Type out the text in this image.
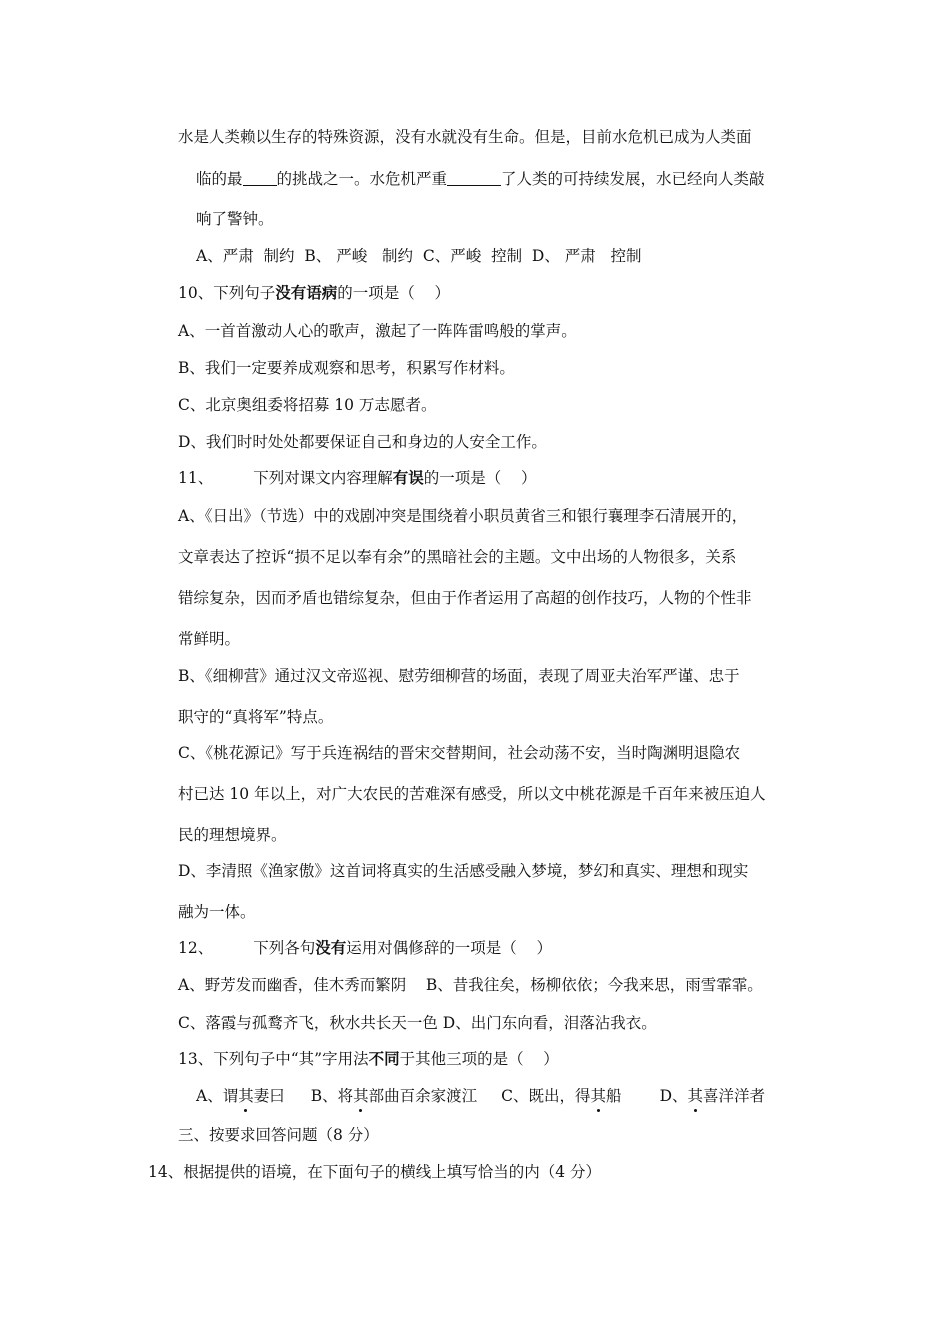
水是人类赖以生存的特殊资源，没有水就没有生命。但是，目前水危机已成为人类面
临的最 的挑战之一。水危机严重	了人类的可持续发展，水已经向人类敲
响了警钟。
A、严肃  制约  B、 严峻   制约  C、严峻  控制  D、 严肃   控制
10、下列句子没有语病的一项是（    ）
A、一首首激动人心的歌声，激起了一阵阵雷鸣般的掌声。
B、我们一定要养成观察和思考，积累写作材料。
C、北京奥组委将招募 10 万志愿者。
D、我们时时处处都要保证自己和身边的人安全工作。
11、	下列对课文内容理解有误的一项是（    ）
A、《日出》（节选）中的戏剧冲突是围绕着小职员黄省三和银行襄理李石清展开的，
文章表达了控诉“损不足以奉有余”的黑暗社会的主题。文中出场的人物很多，关系
错综复杂，因而矛盾也错综复杂，但由于作者运用了高超的创作技巧，人物的个性非
常鲜明。
B、《细柳营》通过汉文帝巡视、慰劳细柳营的场面，表现了周亚夫治军严谨、忠于
职守的“真将军”特点。
C、《桃花源记》写于兵连祸结的晋宋交替期间，社会动荡不安，当时陶渊明退隐农
村已达 10 年以上，对广大农民的苦难深有感受，所以文中桃花源是千百年来被压迫人
民的理想境界。
D、李清照《渔家傲》这首词将真实的生活感受融入梦境，梦幻和真实、理想和现实
融为一体。
12、	下列各句没有运用对偶修辞的一项是（    ）
A、野芳发而幽香，佳木秀而繁阴    B、昔我往矣，杨柳依依；今我来思，雨雪霏霏。
C、落霞与孤鹜齐飞，秋水共长天一色 D、出门东向看，泪落沾我衣。
13、下列句子中“其”字用法不同于其他三项的是（    ）
A、谓其妻曰 B、将其部曲百余家渡江 C、既出，得其船 D、其喜洋洋者
三、按要求回答问题（8 分）
14、根据提供的语境，在下面句子的横线上填写恰当的内（4 分）
